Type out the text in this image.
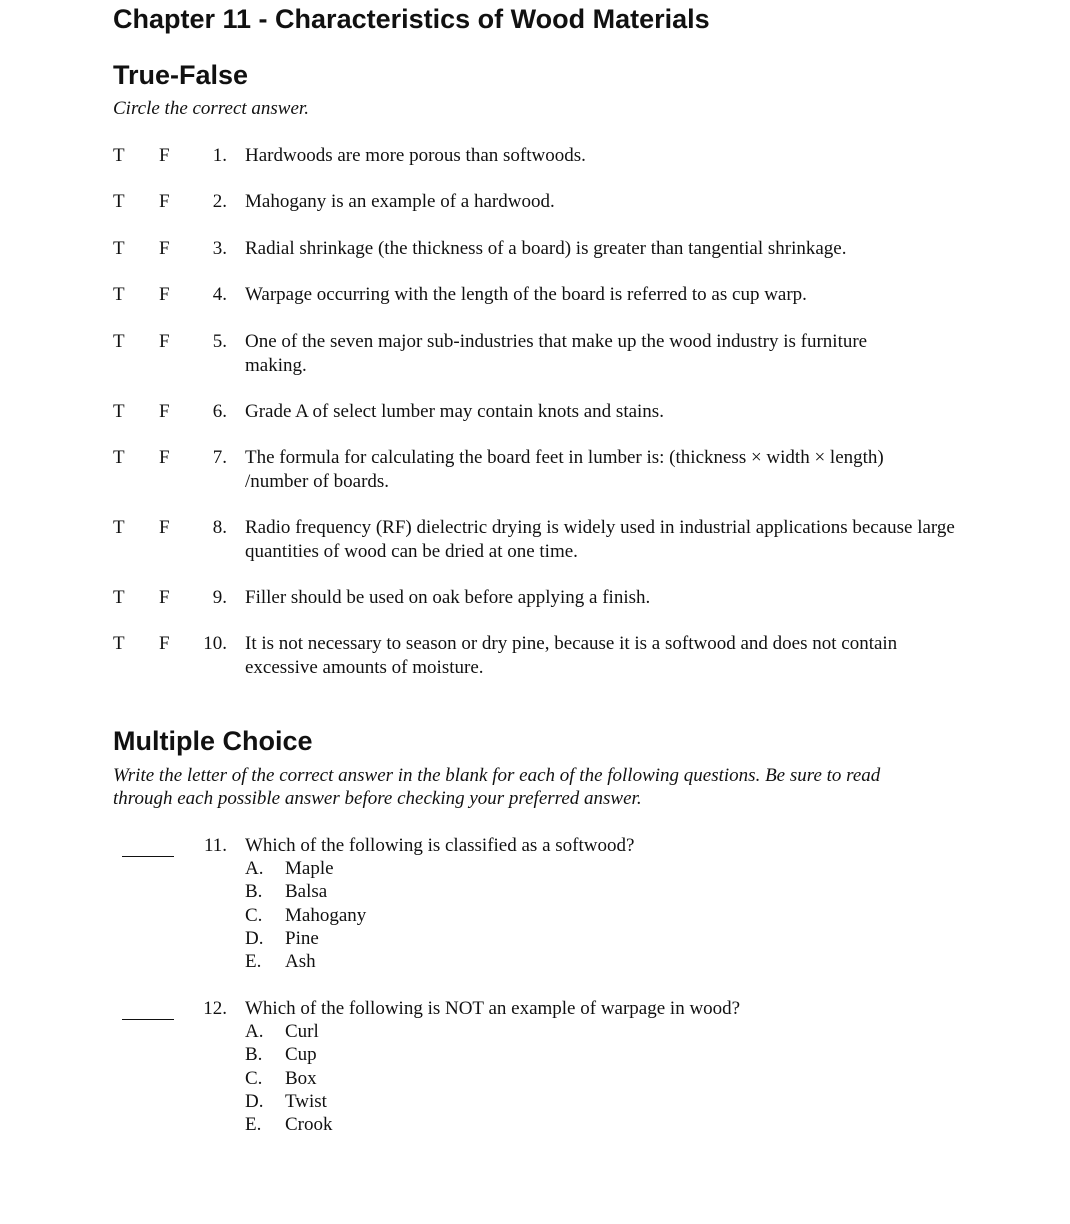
Chapter 11 - Characteristics of Wood Materials
True-False

Circle the correct answer.

T F	1. Hardwoods are more porous than softwoods.
T F	2. Mahogany is an example of a hardwood.
T F	3. Radial shrinkage (the thickness of a board) is greater than tangential shrinkage.
T F	4. Warpage occurring with the length of the board is referred to as cup warp.
T F	5. One of the seven major sub-industries that make up the wood industry is furniture making.
T F	6. Grade A of select lumber may contain knots and stains.
T F	7. The formula for calculating the board feet in lumber is: (thickness × width × length) /number of boards.
T F	8. Radio frequency (RF) dielectric drying is widely used in industrial applications because large quantities of wood can be dried at one time.
T F	9. Filler should be used on oak before applying a finish.
T F	10. It is not necessary to season or dry pine, because it is a softwood and does not contain excessive amounts of moisture.
Multiple Choice

Write the letter of the correct answer in the blank for each of the following questions. Be sure to read through each possible answer before checking your preferred answer.

11. Which of the following is classified as a softwood?
A. Maple
B. Balsa
C. Mahogany
D. Pine
E. Ash
12. Which of the following is NOT an example of warpage in wood?
A. Curl
B. Cup
C. Box
D. Twist
E. Crook
